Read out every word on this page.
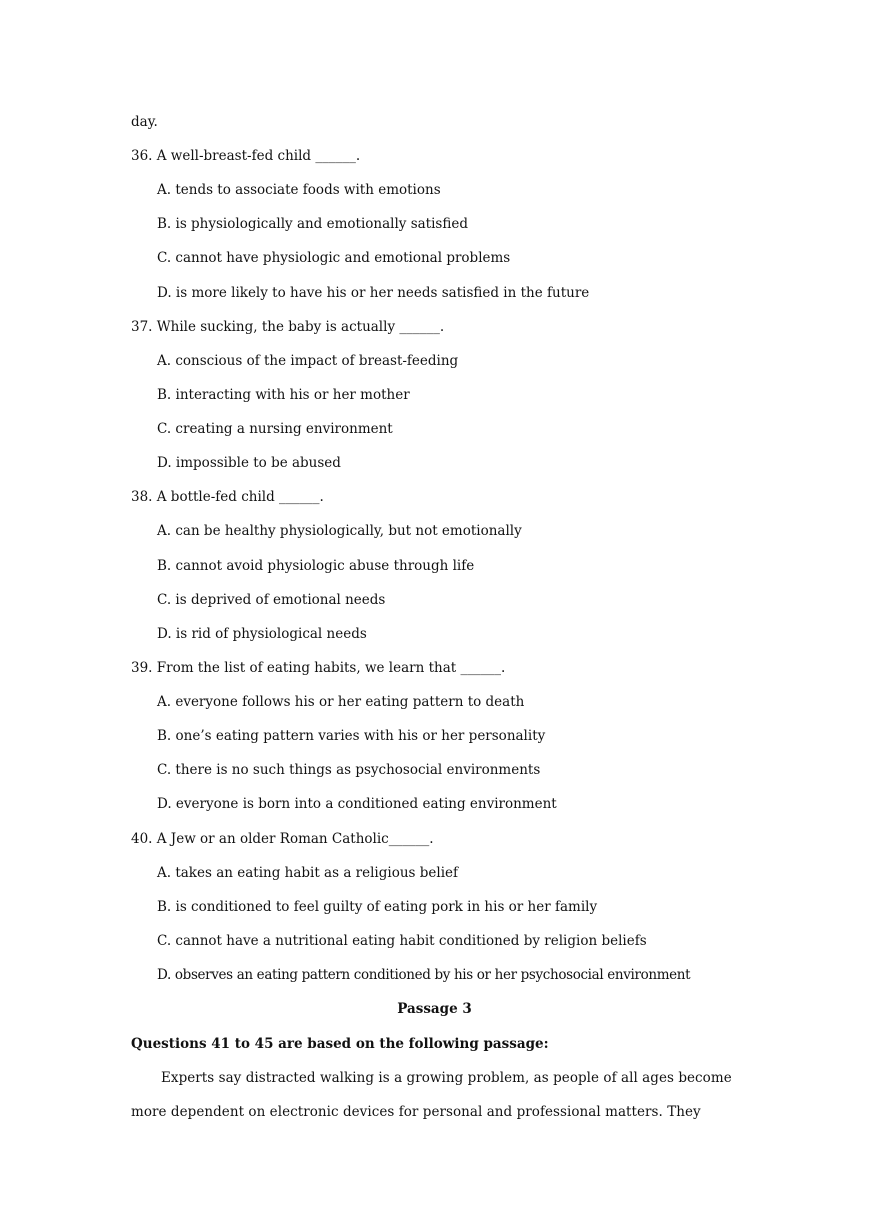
day.
36. A well-breast-fed child ______.
A. tends to associate foods with emotions
B. is physiologically and emotionally satisfied
C. cannot have physiologic and emotional problems
D. is more likely to have his or her needs satisfied in the future
37. While sucking, the baby is actually ______.
A. conscious of the impact of breast-feeding
B. interacting with his or her mother
C. creating a nursing environment
D. impossible to be abused
38. A bottle-fed child ______.
A. can be healthy physiologically, but not emotionally
B. cannot avoid physiologic abuse through life
C. is deprived of emotional needs
D. is rid of physiological needs
39. From the list of eating habits, we learn that ______.
A. everyone follows his or her eating pattern to death
B. one’s eating pattern varies with his or her personality
C. there is no such things as psychosocial environments
D. everyone is born into a conditioned eating environment
40. A Jew or an older Roman Catholic______.
A. takes an eating habit as a religious belief
B. is conditioned to feel guilty of eating pork in his or her family
C. cannot have a nutritional eating habit conditioned by religion beliefs
D. observes an eating pattern conditioned by his or her psychosocial environment
Passage 3
Questions 41 to 45 are based on the following passage:
Experts say distracted walking is a growing problem, as people of all ages become
more dependent on electronic devices for personal and professional matters. They
